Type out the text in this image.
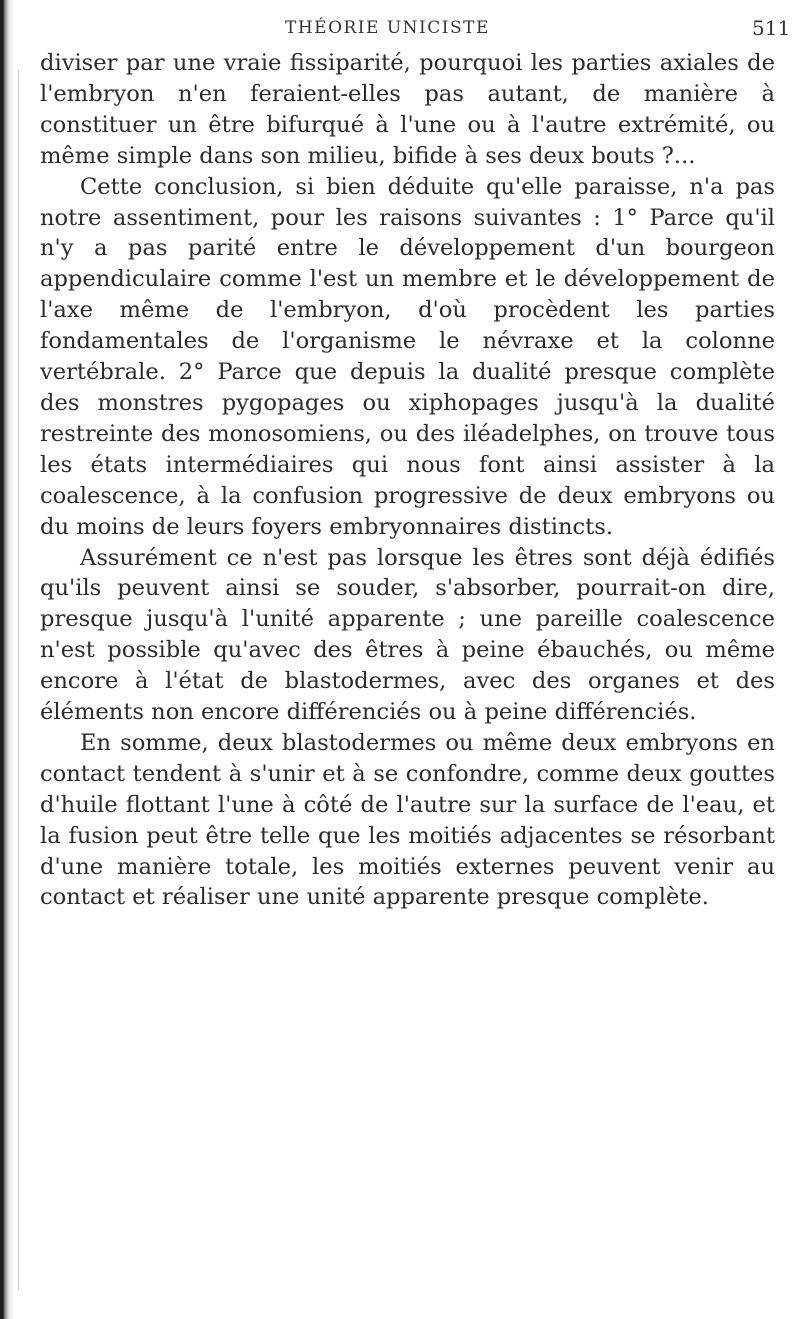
THÉORIE UNICISTE	511

diviser par une vraie fissiparité, pourquoi les parties axiales de l'embryon n'en feraient-elles pas autant, de manière à constituer un être bifurqué à l'une ou à l'autre extrémité, ou même simple dans son milieu, bifide à ses deux bouts ?...

Cette conclusion, si bien déduite qu'elle paraisse, n'a pas notre assentiment, pour les raisons suivantes : 1° Parce qu'il n'y a pas parité entre le développement d'un bourgeon appendiculaire comme l'est un membre et le développement de l'axe même de l'embryon, d'où procèdent les parties fondamentales de l'organisme le névraxe et la colonne vertébrale. 2° Parce que depuis la dualité presque complète des monstres pygopages ou xiphopages jusqu'à la dualité restreinte des monosomiens, ou des iléadelphes, on trouve tous les états intermédiaires qui nous font ainsi assister à la coalescence, à la confusion progressive de deux embryons ou du moins de leurs foyers embryonnaires distincts.

Assurément ce n'est pas lorsque les êtres sont déjà édifiés qu'ils peuvent ainsi se souder, s'absorber, pourrait-on dire, presque jusqu'à l'unité apparente ; une pareille coalescence n'est possible qu'avec des êtres à peine ébauchés, ou même encore à l'état de blastodermes, avec des organes et des éléments non encore différenciés ou à peine différenciés.

En somme, deux blastodermes ou même deux embryons en contact tendent à s'unir et à se confondre, comme deux gouttes d'huile flottant l'une à côté de l'autre sur la surface de l'eau, et la fusion peut être telle que les moitiés adjacentes se résorbant d'une manière totale, les moitiés externes peuvent venir au contact et réaliser une unité apparente presque complète.
